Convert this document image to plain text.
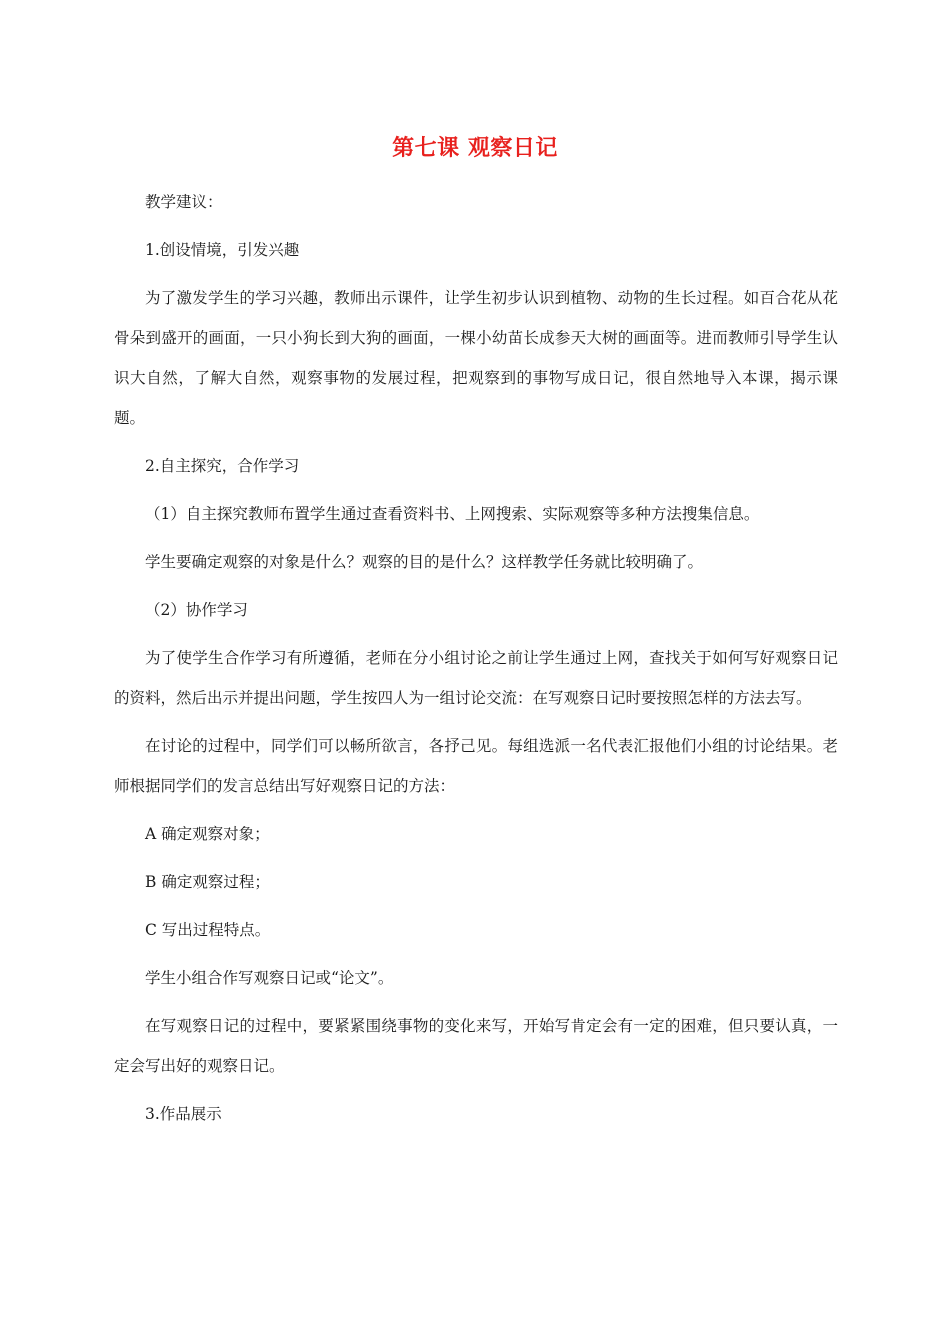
第七课 观察日记

教学建议：

1.创设情境，引发兴趣

为了激发学生的学习兴趣，教师出示课件，让学生初步认识到植物、动物的生长过程。如百合花从花骨朵到盛开的画面，一只小狗长到大狗的画面，一棵小幼苗长成参天大树的画面等。进而教师引导学生认识大自然，了解大自然，观察事物的发展过程，把观察到的事物写成日记，很自然地导入本课，揭示课题。

2.自主探究，合作学习

（1）自主探究教师布置学生通过查看资料书、上网搜索、实际观察等多种方法搜集信息。

学生要确定观察的对象是什么？观察的目的是什么？这样教学任务就比较明确了。

（2）协作学习

为了使学生合作学习有所遵循，老师在分小组讨论之前让学生通过上网，查找关于如何写好观察日记的资料，然后出示并提出问题，学生按四人为一组讨论交流：在写观察日记时要按照怎样的方法去写。

在讨论的过程中，同学们可以畅所欲言，各抒己见。每组选派一名代表汇报他们小组的讨论结果。老师根据同学们的发言总结出写好观察日记的方法：

A 确定观察对象；

B 确定观察过程；

C 写出过程特点。

学生小组合作写观察日记或“论文”。

在写观察日记的过程中，要紧紧围绕事物的变化来写，开始写肯定会有一定的困难，但只要认真，一定会写出好的观察日记。

3.作品展示
